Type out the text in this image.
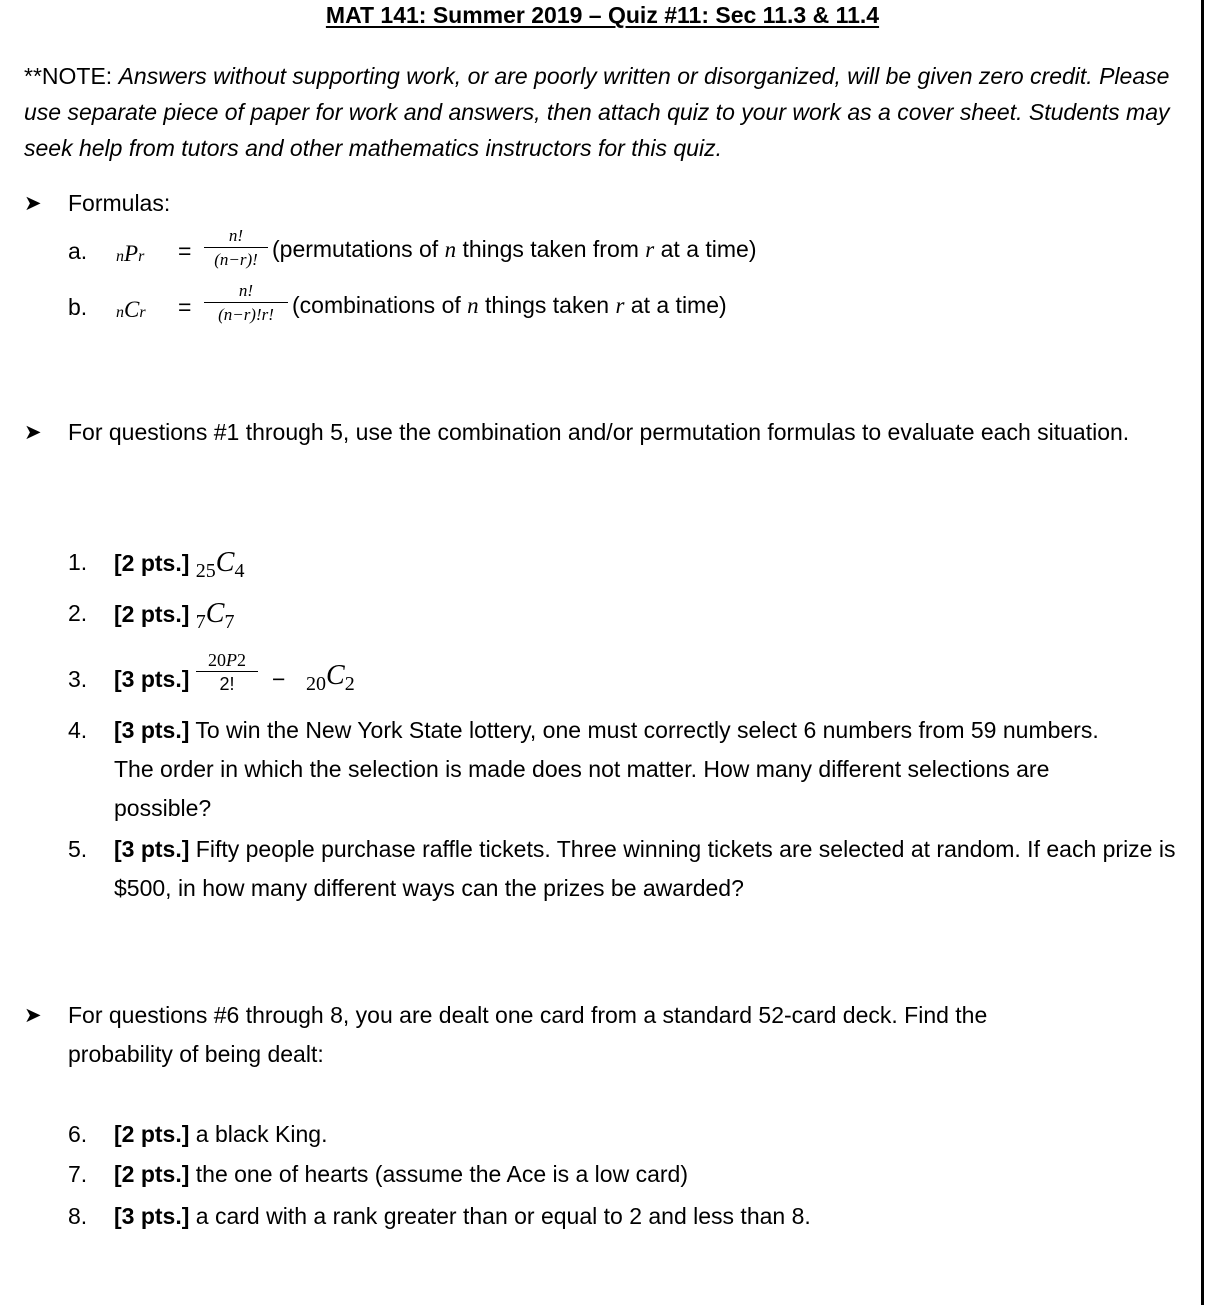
MAT 141: Summer 2019 – Quiz #11: Sec 11.3 & 11.4
**NOTE: Answers without supporting work, or are poorly written or disorganized, will be given zero credit. Please use separate piece of paper for work and answers, then attach quiz to your work as a cover sheet. Students may seek help from tutors and other mathematics instructors for this quiz.
➤ Formulas:
a. nPr =
n!
(n−r)! (permutations of n things taken from r at a time)
b. nCr =
n!
(n−r)!r! (combinations of n things taken r at a time)
➤ For questions #1 through 5, use the combination and/or permutation formulas to evaluate each situation.
1. [2 pts.] 25C4
2. [2 pts.] 7C7
3.	[3 pts.]
20P2
2!	− 20C2
4. [3 pts.] To win the New York State lottery, one must correctly select 6 numbers from 59 numbers. The order in which the selection is made does not matter. How many different selections are possible?
5. [3 pts.] Fifty people purchase raffle tickets. Three winning tickets are selected at random. If each prize is $500, in how many different ways can the prizes be awarded?
➤ For questions #6 through 8, you are dealt one card from a standard 52-card deck. Find the probability of being dealt:
6. [2 pts.] a black King.
7. [2 pts.] the one of hearts (assume the Ace is a low card)
8. [3 pts.] a card with a rank greater than or equal to 2 and less than 8.
